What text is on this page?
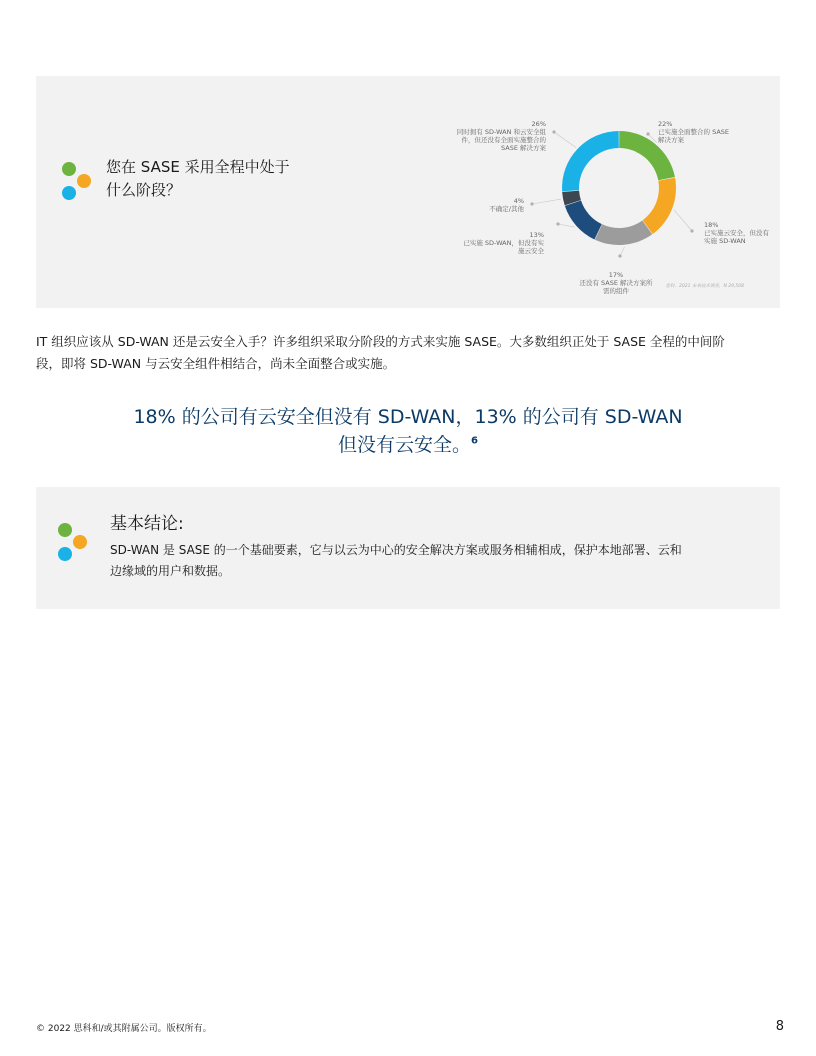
您在 SASE 采用全程中处于
什么阶段？
22%已实施全面整合的 SASE 解决方案
18%已实施云安全，但没有实施 SD-WAN
17%还没有 SASE 解决方案所需的组件
13%已实施 SD-WAN，但没有实施云安全
4%不确定/其他
26%同时拥有 SD-WAN 和云安全组件，但还没有全面实施整合的 SASE 解决方案
思科，2021 未来技术调查，N 29,508

IT 组织应该从 SD-WAN 还是云安全入手？许多组织采取分阶段的方式来实施 SASE。大多数组织正处于 SASE 全程的中间阶

段，即将 SD-WAN 与云安全组件相结合，尚未全面整合或实施。

18% 的公司有云安全但没有 SD-WAN，13% 的公司有 SD-WAN
但没有云安全。$^6$
基本结论:
SD-WAN 是 SASE 的一个基础要素，它与以云为中心的安全解决方案或服务相辅相成，保护本地部署、云和
边缘域的用户和数据。
© 2022 思科和/或其附属公司。版权所有。	8
